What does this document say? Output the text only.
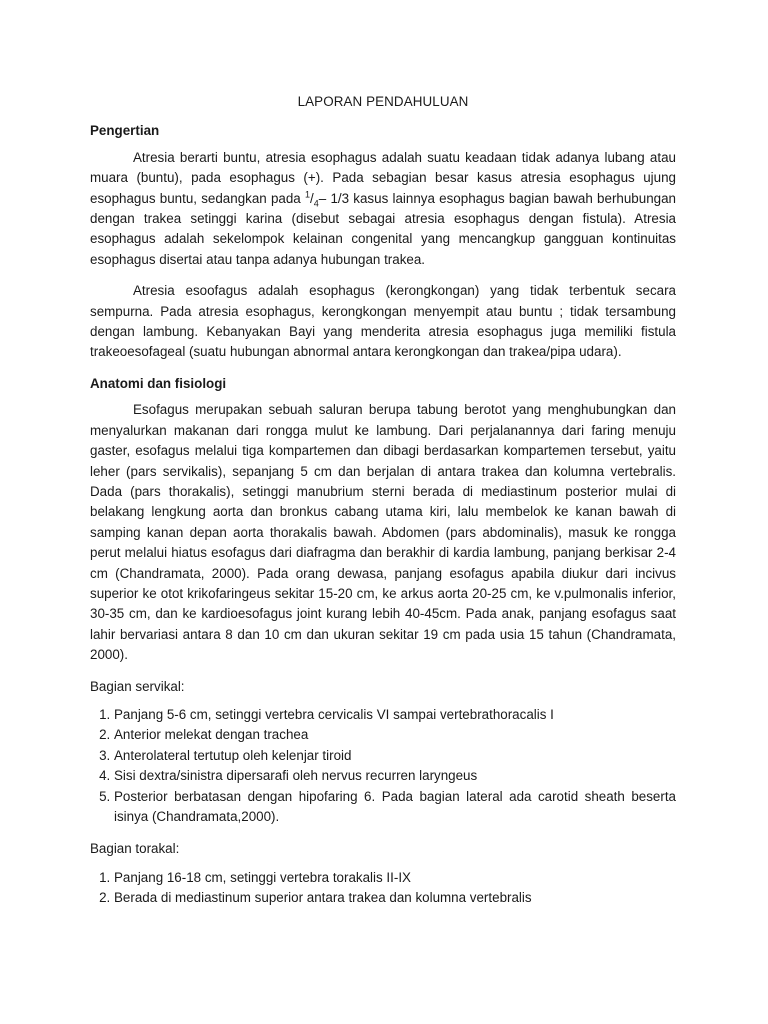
LAPORAN PENDAHULUAN
Pengertian

Atresia berarti buntu, atresia esophagus adalah suatu keadaan tidak adanya lubang atau muara (buntu), pada esophagus (+). Pada sebagian besar kasus atresia esophagus ujung esophagus buntu, sedangkan pada $^1/_4-$ 1/3 kasus lainnya esophagus bagian bawah berhubungan dengan trakea setinggi karina (disebut sebagai atresia esophagus dengan fistula). Atresia esophagus adalah sekelompok kelainan congenital yang mencangkup gangguan kontinuitas esophagus disertai atau tanpa adanya hubungan trakea.

Atresia esoofagus adalah esophagus (kerongkongan) yang tidak terbentuk secara sempurna. Pada atresia esophagus, kerongkongan menyempit atau buntu ; tidak tersambung dengan lambung. Kebanyakan Bayi yang menderita atresia esophagus juga memiliki fistula trakeoesofageal (suatu hubungan abnormal antara kerongkongan dan trakea/pipa udara).

Anatomi dan fisiologi

Esofagus merupakan sebuah saluran berupa tabung berotot yang menghubungkan dan menyalurkan makanan dari rongga mulut ke lambung. Dari perjalanannya dari faring menuju gaster, esofagus melalui tiga kompartemen dan dibagi berdasarkan kompartemen tersebut, yaitu leher (pars servikalis), sepanjang 5 cm dan berjalan di antara trakea dan kolumna vertebralis. Dada (pars thorakalis), setinggi manubrium sterni berada di mediastinum posterior mulai di belakang lengkung aorta dan bronkus cabang utama kiri, lalu membelok ke kanan bawah di samping kanan depan aorta thorakalis bawah. Abdomen (pars abdominalis), masuk ke rongga perut melalui hiatus esofagus dari diafragma dan berakhir di kardia lambung, panjang berkisar 2-4 cm (Chandramata, 2000). Pada orang dewasa, panjang esofagus apabila diukur dari incivus superior ke otot krikofaringeus sekitar 15-20 cm, ke arkus aorta 20-25 cm, ke v.pulmonalis inferior, 30-35 cm, dan ke kardioesofagus joint kurang lebih 40-45cm. Pada anak, panjang esofagus saat lahir bervariasi antara 8 dan 10 cm dan ukuran sekitar 19 cm pada usia 15 tahun (Chandramata, 2000).

Bagian servikal:
1. Panjang 5-6 cm, setinggi vertebra cervicalis VI sampai vertebrathoracalis I
2. Anterior melekat dengan trachea
3. Anterolateral tertutup oleh kelenjar tiroid
4. Sisi dextra/sinistra dipersarafi oleh nervus recurren laryngeus
5. Posterior berbatasan dengan hipofaring 6. Pada bagian lateral ada carotid sheath beserta isinya (Chandramata,2000).
Bagian torakal:
1. Panjang 16-18 cm, setinggi vertebra torakalis II-IX
2. Berada di mediastinum superior antara trakea dan kolumna vertebralis
